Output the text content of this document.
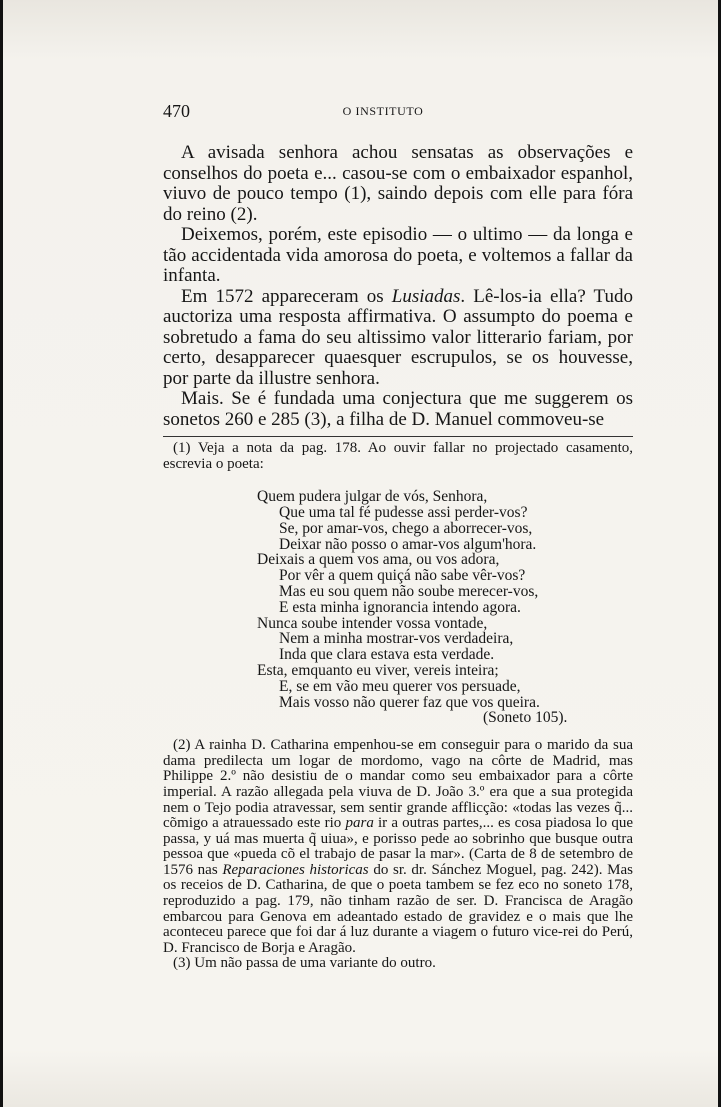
470	O INSTITUTO

A avisada senhora achou sensatas as observações e conselhos do poeta e... casou-se com o embaixador espanhol, viuvo de pouco tempo (1), saindo depois com elle para fóra do reino (2).

Deixemos, porém, este episodio — o ultimo — da longa e tão accidentada vida amorosa do poeta, e voltemos a fallar da infanta.

Em 1572 appareceram os Lusiadas. Lê-los-ia ella? Tudo auctoriza uma resposta affirmativa. O assumpto do poema e sobretudo a fama do seu altissimo valor litterario fariam, por certo, desapparecer quaesquer escrupulos, se os houvesse, por parte da illustre senhora.

Mais. Se é fundada uma conjectura que me suggerem os sonetos 260 e 285 (3), a filha de D. Manuel commoveu-se

(1) Veja a nota da pag. 178. Ao ouvir fallar no projectado casamento, escrevia o poeta:

Quem pudera julgar de vós, Senhora,
Que uma tal fé pudesse assi perder-vos?
Se, por amar-vos, chego a aborrecer-vos,
Deixar não posso o amar-vos algum'hora.
Deixais a quem vos ama, ou vos adora,
Por vêr a quem quiçá não sabe vêr-vos?
Mas eu sou quem não soube merecer-vos,
E esta minha ignorancia intendo agora.
Nunca soube intender vossa vontade,
Nem a minha mostrar-vos verdadeira,
Inda que clara estava esta verdade.
Esta, emquanto eu viver, vereis inteira;
E, se em vão meu querer vos persuade,
Mais vosso não querer faz que vos queira.
(Soneto 105).

(2) A rainha D. Catharina empenhou-se em conseguir para o marido da sua dama predilecta um logar de mordomo, vago na côrte de Madrid, mas Philippe 2.º não desistiu de o mandar como seu embaixador para a côrte imperial. A razão allegada pela viuva de D. João 3.º era que a sua protegida nem o Tejo podia atravessar, sem sentir grande afflicção: «todas las vezes q̃... cõmigo a atrauessado este rio para ir a outras partes,... es cosa piadosa lo que passa, y uá mas muerta q̃ uiua», e porisso pede ao sobrinho que busque outra pessoa que «pueda cõ el trabajo de pasar la mar». (Carta de 8 de setembro de 1576 nas Reparaciones historicas do sr. dr. Sánchez Moguel, pag. 242). Mas os receios de D. Catharina, de que o poeta tambem se fez eco no soneto 178, reproduzido a pag. 179, não tinham razão de ser. D. Francisca de Aragão embarcou para Genova em adeantado estado de gravidez e o mais que lhe aconteceu parece que foi dar á luz durante a viagem o futuro vice-rei do Perú, D. Francisco de Borja e Aragão.

(3) Um não passa de uma variante do outro.
